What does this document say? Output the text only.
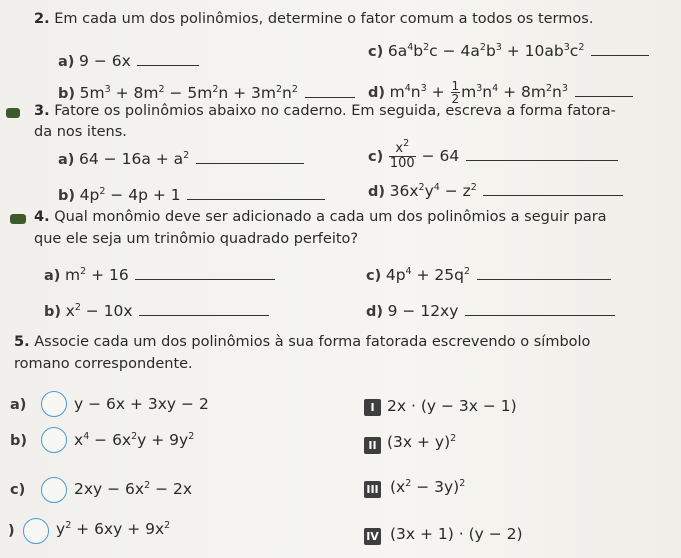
2. Em cada um dos polinômios, determine o fator comum a todos os termos.
a) 9 − 6x
b) $5m^3 + 8m^2 - 5m^2n + 3m^2n^2$
c) $6a^4b^2c - 4a^2b^3 + 10ab^3c^2$
d) $m^4n^3 + \frac{1}{2} m^3n^4 + 8m^2n^3$
3. Fatore os polinômios abaixo no caderno. Em seguida, escreva a forma fatora-
da nos itens.
a) $64 - 16a + a^2$
b) $4p^2 - 4p + 1$
$c) \frac{x^2}{100} - 64$
d) $36x^2y^4 - z^2$
4. Qual monômio deve ser adicionado a cada um dos polinômios a seguir para
que ele seja um trinômio quadrado perfeito?
a) $m^2 + 16$
b) $x^2 - 10x$
c) $4p^4 + 25q^2$
d) 9 − 12xy
5. Associe cada um dos polinômios à sua forma fatorada escrevendo o símbolo
romano correspondente.
a)	y − 6x + 3xy − 2
b)	$x^4 - 6x^2y + 9y^2$
c)	$2xy - 6x^2 - 2x$
)	$y^2 + 6xy + 9x^2$
I 2x · (y − 3x − 1)
II $(3x + y)^2$
III $(x^2 - 3y)^2$
IV (3x + 1) · (y − 2)
